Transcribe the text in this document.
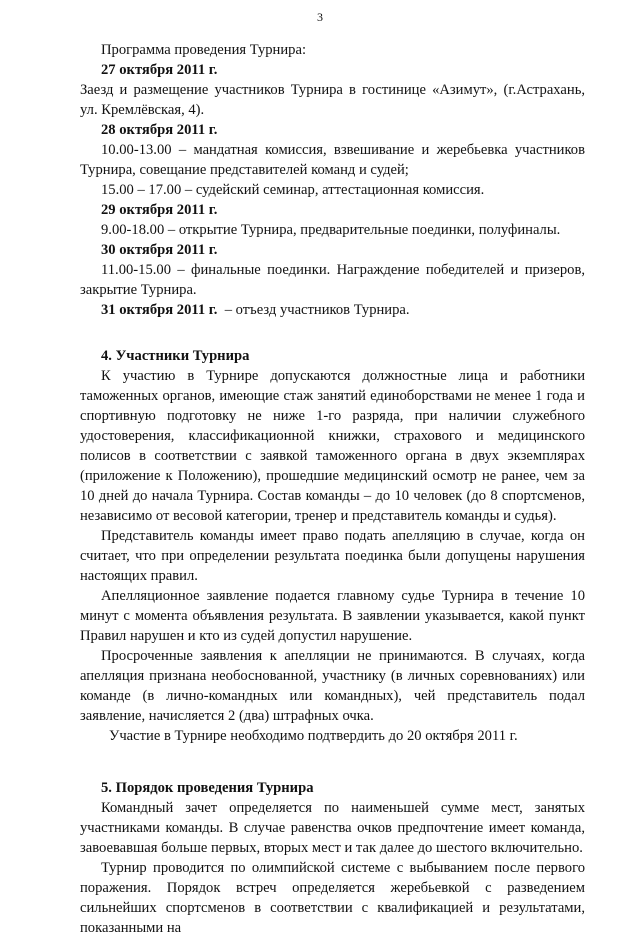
3

Программа проведения Турнира:

27 октября 2011 г.

Заезд и размещение участников Турнира в гостинице «Азимут», (г.Астрахань, ул. Кремлёвская, 4).

28 октября 2011 г.

10.00-13.00 – мандатная комиссия, взвешивание и жеребьевка участников Турнира, совещание представителей команд и судей;

15.00 – 17.00 – судейский семинар, аттестационная комиссия.

29 октября 2011 г.

9.00-18.00 – открытие Турнира, предварительные поединки, полуфиналы.

30 октября 2011 г.

11.00-15.00 – финальные поединки. Награждение победителей и призеров, закрытие Турнира.

31 октября 2011 г.  – отъезд участников Турнира.

4. Участники Турнира

К участию в Турнире допускаются должностные лица и работники таможенных органов, имеющие стаж занятий единоборствами не менее 1 года и спортивную подготовку не ниже 1-го разряда, при наличии служебного удостоверения, классификационной книжки, страхового и медицинского полисов в соответствии с заявкой таможенного органа в двух экземплярах (приложение к Положению), прошедшие медицинский осмотр не ранее, чем за 10 дней до начала Турнира. Состав команды – до 10 человек (до 8 спортсменов, независимо от весовой категории, тренер и представитель команды и судья).

Представитель команды имеет право подать апелляцию в случае, когда он считает, что при определении результата поединка были допущены нарушения настоящих правил.

Апелляционное заявление подается главному судье Турнира в течение 10 минут с момента объявления результата. В заявлении указывается, какой пункт Правил нарушен и кто из судей допустил нарушение.

Просроченные заявления к апелляции не принимаются. В случаях, когда апелляция признана необоснованной, участнику (в личных соревнованиях) или команде (в лично-командных или командных), чей представитель подал заявление, начисляется 2 (два) штрафных очка.

Участие в Турнире необходимо подтвердить до 20 октября 2011 г.

5. Порядок проведения Турнира

Командный зачет определяется по наименьшей сумме мест, занятых участниками команды. В случае равенства очков предпочтение имеет команда, завоевавшая больше первых, вторых мест и так далее до шестого включительно.

Турнир проводится по олимпийской системе с выбыванием после первого поражения. Порядок встреч определяется жеребьевкой с разведением сильнейших спортсменов в соответствии с квалификацией и результатами, показанными на
